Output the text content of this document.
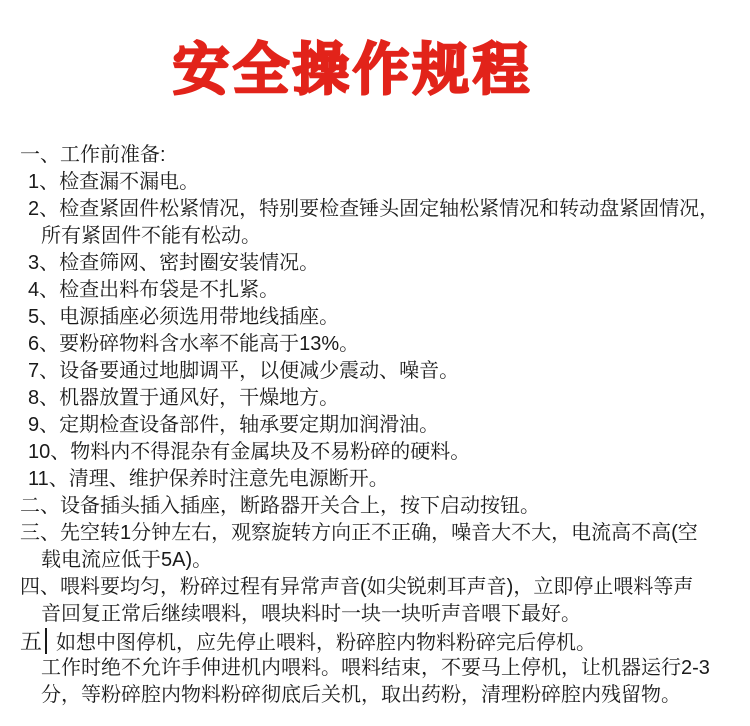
安全操作规程
一、工作前准备:
1、检查漏不漏电。
2、检查紧固件松紧情况，特别要检查锤头固定轴松紧情况和转动盘紧固情况，
所有紧固件不能有松动。
3、检查筛网、密封圈安装情况。
4、检查出料布袋是不扎紧。
5、电源插座必须选用带地线插座。
6、要粉碎物料含水率不能高于13%。
7、设备要通过地脚调平，以便减少震动、噪音。
8、机器放置于通风好，干燥地方。
9、定期检查设备部件，轴承要定期加润滑油。
10、物料内不得混杂有金属块及不易粉碎的硬料。
11、清理、维护保养时注意先电源断开。
二、设备插头插入插座，断路器开关合上，按下启动按钮。
三、先空转1分钟左右，观察旋转方向正不正确，噪音大不大，电流高不高(空
载电流应低于5A)。
四、喂料要均匀，粉碎过程有异常声音(如尖锐刺耳声音)，立即停止喂料等声
音回复正常后继续喂料，喂块料时一块一块听声音喂下最好。
五 如想中图停机，应先停止喂料，粉碎腔内物料粉碎完后停机。
工作时绝不允许手伸进机内喂料。喂料结束，不要马上停机，让机器运行2-3
分，等粉碎腔内物料粉碎彻底后关机，取出药粉，清理粉碎腔内残留物。
